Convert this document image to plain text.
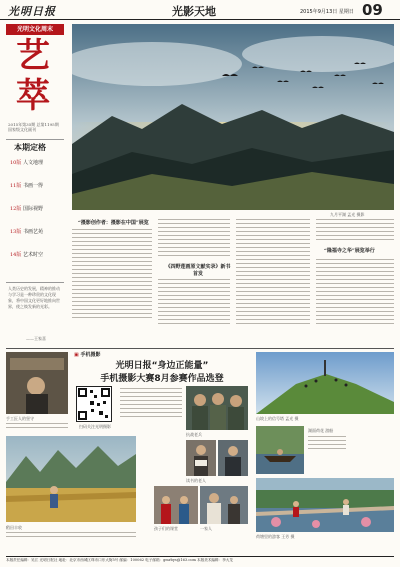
光明日报	光影天地	2015年9月13日 星期日 09
光明文化周末
艺
萃
2015年第35期 总第1195期 国家级文化副刊
本期定格
10版 人文地理
11版 书画一得
12版 国际视野
13版 书画艺苑
14版 艺术时空
人类历史的发展，精神的推动与学习是一种珍贵的文化现象，将中国文化更好地推向世界，使之焕发新的光彩。
——王家喜
九月平湖 孟光 摄影
“摄影创作者：摄影在中国”展览
《四野莲画原文献实录》新书首发
“隆福寺之华”展览举行
▣ 手机摄影
光明日报“身边正能量”
手机摄影大赛8月参赛作品选登
手工匠人的坚守
扫码关注光明摄影
抗战老兵
山坡上的信号塔 孟光 摄
湖面荷花 游船
稻田丰收
读书的老人
孩子们的课堂	一家人
荷塘里的游客 王芳 摄
本版责任编辑：吴江 光明日报社 地址：北京市西城区珠市口东大街5号 邮编：100062 电子邮箱：gmrbys@163.com 本版美术编辑：李大龙
